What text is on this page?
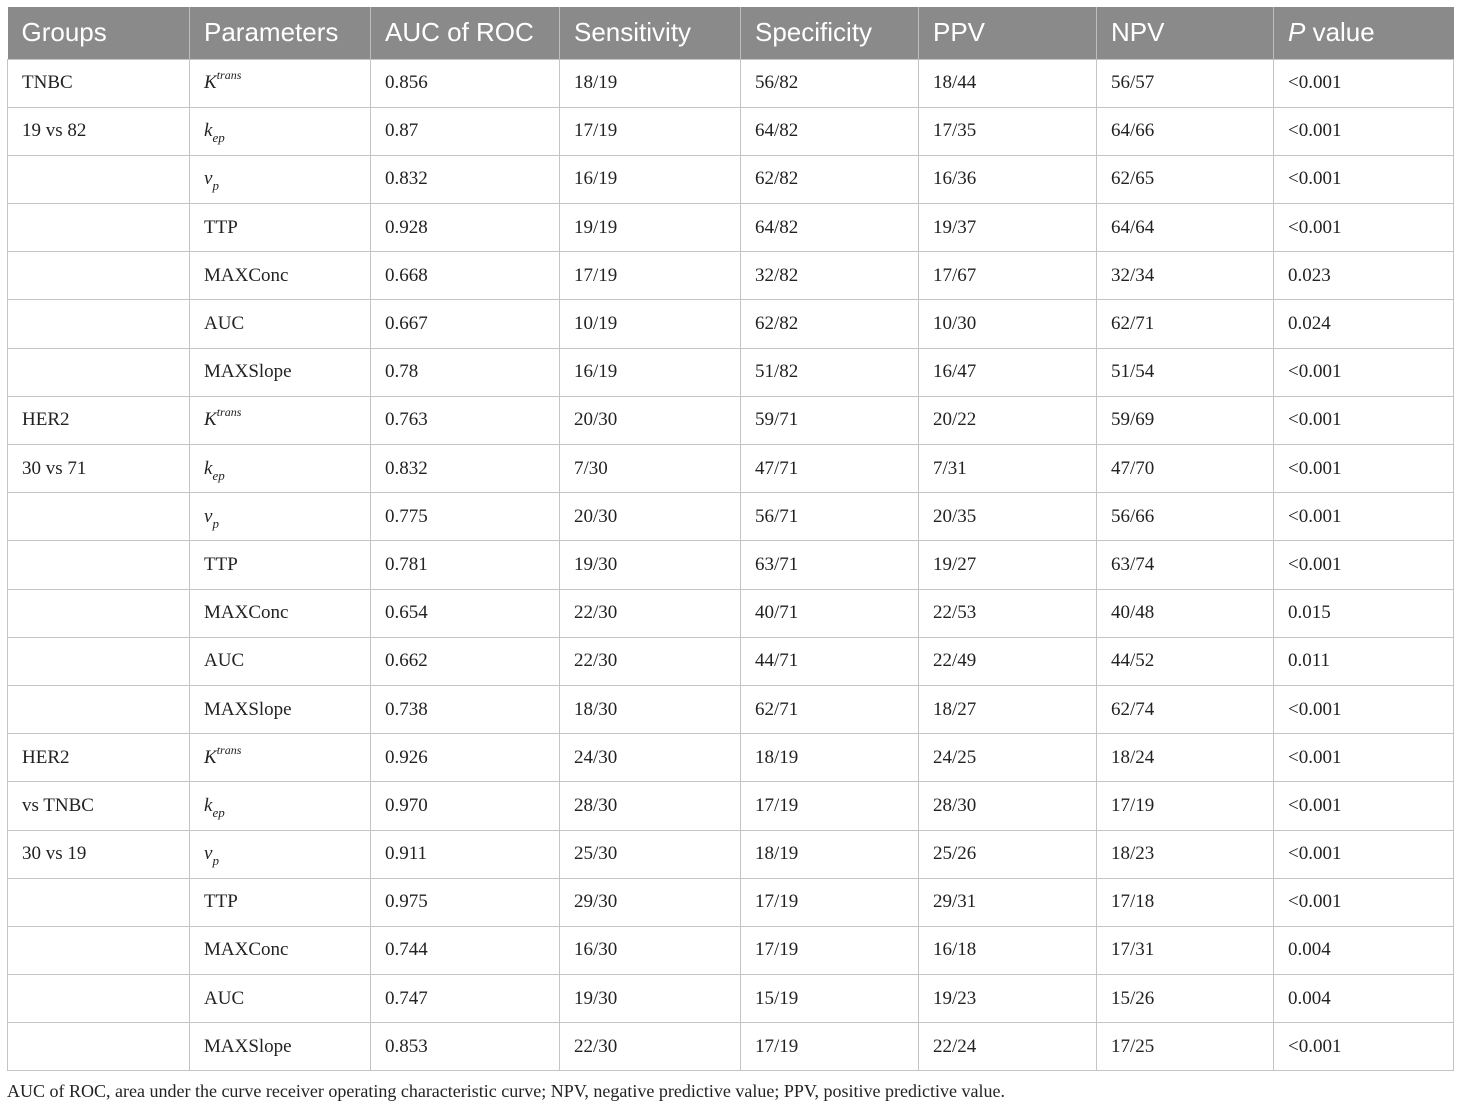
Groups	Parameters	AUC of ROC	Sensitivity	Specificity	PPV	NPV	P value
TNBC	$K^{trans}$	0.856	18/19	56/82	18/44	56/57	<0.001
19 vs 82	$k_{ep}$	0.87	17/19	64/82	17/35	64/66	<0.001
	$v_p$	0.832	16/19	62/82	16/36	62/65	<0.001
	TTP	0.928	19/19	64/82	19/37	64/64	<0.001
	MAXConc	0.668	17/19	32/82	17/67	32/34	0.023
	AUC	0.667	10/19	62/82	10/30	62/71	0.024
	MAXSlope	0.78	16/19	51/82	16/47	51/54	<0.001
HER2	$K^{trans}$	0.763	20/30	59/71	20/22	59/69	<0.001
30 vs 71	$k_{ep}$	0.832	7/30	47/71	7/31	47/70	<0.001
	$v_p$	0.775	20/30	56/71	20/35	56/66	<0.001
	TTP	0.781	19/30	63/71	19/27	63/74	<0.001
	MAXConc	0.654	22/30	40/71	22/53	40/48	0.015
	AUC	0.662	22/30	44/71	22/49	44/52	0.011
	MAXSlope	0.738	18/30	62/71	18/27	62/74	<0.001
HER2	$K^{trans}$	0.926	24/30	18/19	24/25	18/24	<0.001
vs TNBC	$k_{ep}$	0.970	28/30	17/19	28/30	17/19	<0.001
30 vs 19	$v_p$	0.911	25/30	18/19	25/26	18/23	<0.001
	TTP	0.975	29/30	17/19	29/31	17/18	<0.001
	MAXConc	0.744	16/30	17/19	16/18	17/31	0.004
	AUC	0.747	19/30	15/19	19/23	15/26	0.004
	MAXSlope	0.853	22/30	17/19	22/24	17/25	<0.001
AUC of ROC, area under the curve receiver operating characteristic curve; NPV, negative predictive value; PPV, positive predictive value.
